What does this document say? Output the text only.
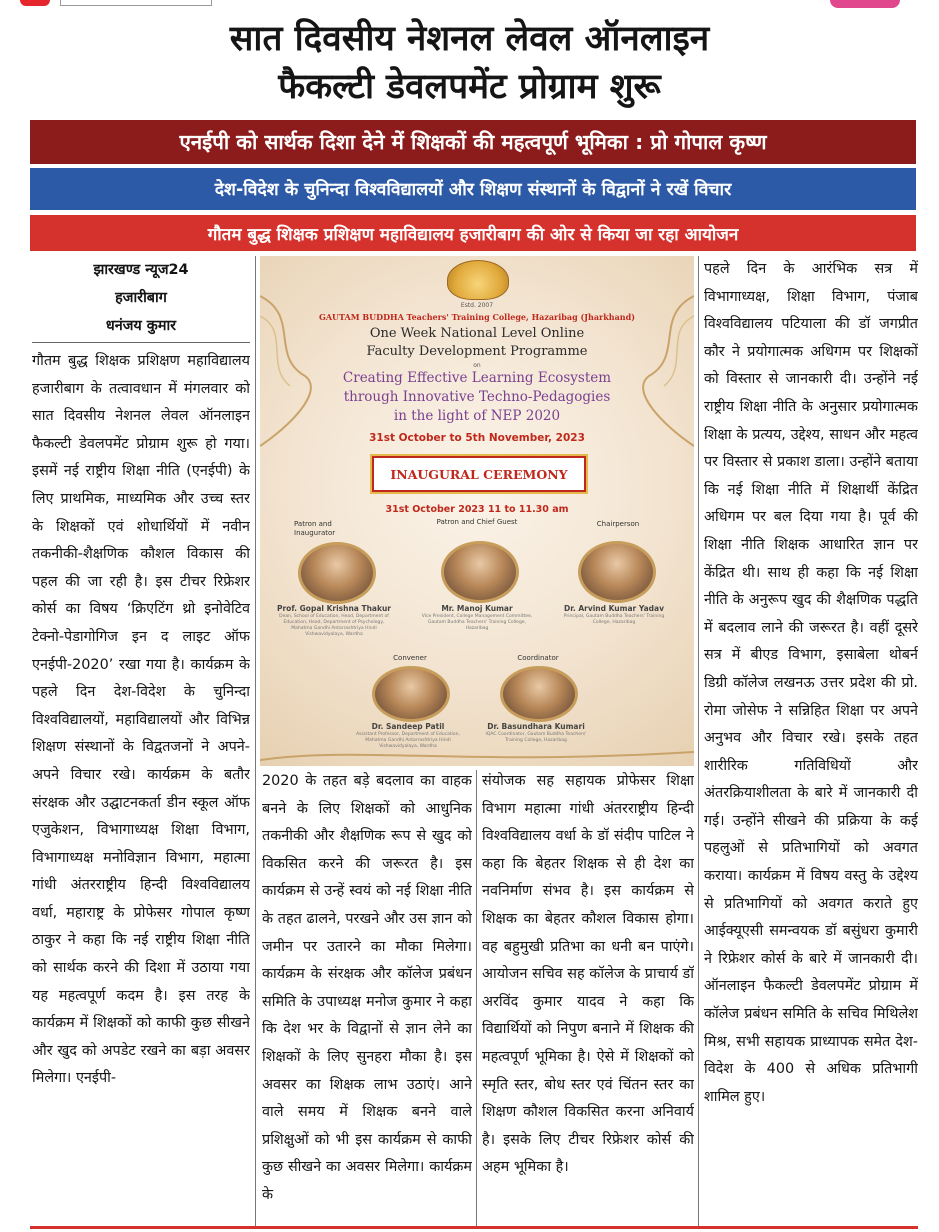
सात दिवसीय नेशनल लेवल ऑनलाइन
फैकल्टी डेवलपमेंट प्रोग्राम शुरू
एनईपी को सार्थक दिशा देने में शिक्षकों की महत्वपूर्ण भूमिका : प्रो गोपाल कृष्ण
देश-विदेश के चुनिन्दा विश्वविद्यालयों और शिक्षण संस्थानों के विद्वानों ने रखें विचार
गौतम बुद्ध शिक्षक प्रशिक्षण महाविद्यालय हजारीबाग की ओर से किया जा रहा आयोजन
झारखण्ड न्यूज24
हजारीबाग
धनंजय कुमार

गौतम बुद्ध शिक्षक प्रशिक्षण महाविद्यालय हजारीबाग के तत्वावधान में मंगलवार को सात दिवसीय नेशनल लेवल ऑनलाइन फैकल्टी डेवलपमेंट प्रोग्राम शुरू हो गया। इसमें नई राष्ट्रीय शिक्षा नीति (एनईपी) के लिए प्राथमिक, माध्यमिक और उच्च स्तर के शिक्षकों एवं शोधार्थियों में नवीन तकनीकी-शैक्षणिक कौशल विकास की पहल की जा रही है। इस टीचर रिफ्रेशर कोर्स का विषय ‘क्रिएटिंग थ्रो इनोवेटिव टेक्नो-पेडागोगिज इन द लाइट ऑफ एनईपी-2020’ रखा गया है। कार्यक्रम के पहले दिन देश-विदेश के चुनिन्दा विश्वविद्यालयों, महाविद्यालयों और विभिन्न शिक्षण संस्थानों के विद्वतजनों ने अपने-अपने विचार रखे। कार्यक्रम के बतौर संरक्षक और उद्घाटनकर्ता डीन स्कूल ऑफ एजुकेशन, विभागाध्यक्ष शिक्षा विभाग, विभागाध्यक्ष मनोविज्ञान विभाग, महात्मा गांधी अंतरराष्ट्रीय हिन्दी विश्वविद्यालय वर्धा, महाराष्ट्र के प्रोफेसर गोपाल कृष्ण ठाकुर ने कहा कि नई राष्ट्रीय शिक्षा नीति को सार्थक करने की दिशा में उठाया गया यह महत्वपूर्ण कदम है। इस तरह के कार्यक्रम में शिक्षकों को काफी कुछ सीखने और खुद को अपडेट रखने का बड़ा अवसर मिलेगा। एनईपी-

2020 के तहत बड़े बदलाव का वाहक बनने के लिए शिक्षकों को आधुनिक तकनीकी और शैक्षणिक रूप से खुद को विकसित करने की जरूरत है। इस कार्यक्रम से उन्हें स्वयं को नई शिक्षा नीति के तहत ढालने, परखने और उस ज्ञान को जमीन पर उतारने का मौका मिलेगा। कार्यक्रम के संरक्षक और कॉलेज प्रबंधन समिति के उपाध्यक्ष मनोज कुमार ने कहा कि देश भर के विद्वानों से ज्ञान लेने का शिक्षकों के लिए सुनहरा मौका है। इस अवसर का शिक्षक लाभ उठाएं। आने वाले समय में शिक्षक बनने वाले प्रशिक्षुओं को भी इस कार्यक्रम से काफी कुछ सीखने का अवसर मिलेगा। कार्यक्रम के

संयोजक सह सहायक प्रोफेसर शिक्षा विभाग महात्मा गांधी अंतरराष्ट्रीय हिन्दी विश्वविद्यालय वर्धा के डॉ संदीप पाटिल ने कहा कि बेहतर शिक्षक से ही देश का नवनिर्माण संभव है। इस कार्यक्रम से शिक्षक का बेहतर कौशल विकास होगा। वह बहुमुखी प्रतिभा का धनी बन पाएंगे। आयोजन सचिव सह कॉलेज के प्राचार्य डॉ अरविंद कुमार यादव ने कहा कि विद्यार्थियों को निपुण बनाने में शिक्षक की महत्वपूर्ण भूमिका है। ऐसे में शिक्षकों को स्मृति स्तर, बोध स्तर एवं चिंतन स्तर का शिक्षण कौशल विकसित करना अनिवार्य है। इसके लिए टीचर रिफ्रेशर कोर्स की अहम भूमिका है।

पहले दिन के आरंभिक सत्र में विभागाध्यक्ष, शिक्षा विभाग, पंजाब विश्वविद्यालय पटियाला की डॉ जगप्रीत कौर ने प्रयोगात्मक अधिगम पर शिक्षकों को विस्तार से जानकारी दी। उन्होंने नई राष्ट्रीय शिक्षा नीति के अनुसार प्रयोगात्मक शिक्षा के प्रत्यय, उद्देश्य, साधन और महत्व पर विस्तार से प्रकाश डाला। उन्होंने बताया कि नई शिक्षा नीति में शिक्षार्थी केंद्रित अधिगम पर बल दिया गया है। पूर्व की शिक्षा नीति शिक्षक आधारित ज्ञान पर केंद्रित थी। साथ ही कहा कि नई शिक्षा नीति के अनुरूप खुद की शैक्षणिक पद्धति में बदलाव लाने की जरूरत है। वहीं दूसरे सत्र में बीएड विभाग, इसाबेला थोबर्न डिग्री कॉलेज लखनऊ उत्तर प्रदेश की प्रो. रोमा जोसेफ ने सन्निहित शिक्षा पर अपने अनुभव और विचार रखे। इसके तहत शारीरिक गतिविधियों और अंतरक्रियाशीलता के बारे में जानकारी दी गई। उन्होंने सीखने की प्रक्रिया के कई पहलुओं से प्रतिभागियों को अवगत कराया। कार्यक्रम में विषय वस्तु के उद्देश्य से प्रतिभागियों को अवगत कराते हुए आईक्यूएसी समन्वयक डॉ बसुंधरा कुमारी ने रिफ्रेशर कोर्स के बारे में जानकारी दी। ऑनलाइन फैकल्टी डेवलपमेंट प्रोग्राम में कॉलेज प्रबंधन समिति के सचिव मिथिलेश मिश्र, सभी सहायक प्राध्यापक समेत देश-विदेश के 400 से अधिक प्रतिभागी शामिल हुए।

Estd. 2007
GAUTAM BUDDHA Teachers' Training College, Hazaribag (Jharkhand)
One Week National Level Online
Faculty Development Programme
on
Creating Effective Learning Ecosystem
through Innovative Techno-Pedagogies
in the light of NEP 2020
31st October to 5th November, 2023
INAUGURAL CEREMONY
31st October 2023 11 to 11.30 am
Patron and Inaugurator
Prof. Gopal Krishna Thakur
Dean, School of Education, Head, Department of Education, Head, Department of Psychology, Mahatma Gandhi Antarrashtriya Hindi Vishwavidyalaya, Wardha
Patron and Chief Guest
Mr. Manoj Kumar
Vice President, College Management Committee, Gautam Buddha Teachers' Training College, Hazaribag
Chairperson
Dr. Arvind Kumar Yadav
Principal, Gautam Buddha Teachers' Training College, Hazaribag
Convener
Dr. Sandeep Patil
Assistant Professor, Department of Education, Mahatma Gandhi Antarrashtriya Hindi Vishwavidyalaya, Wardha
Coordinator
Dr. Basundhara Kumari
IQAC Coordinator, Gautam Buddha Teachers' Training College, Hazaribag
